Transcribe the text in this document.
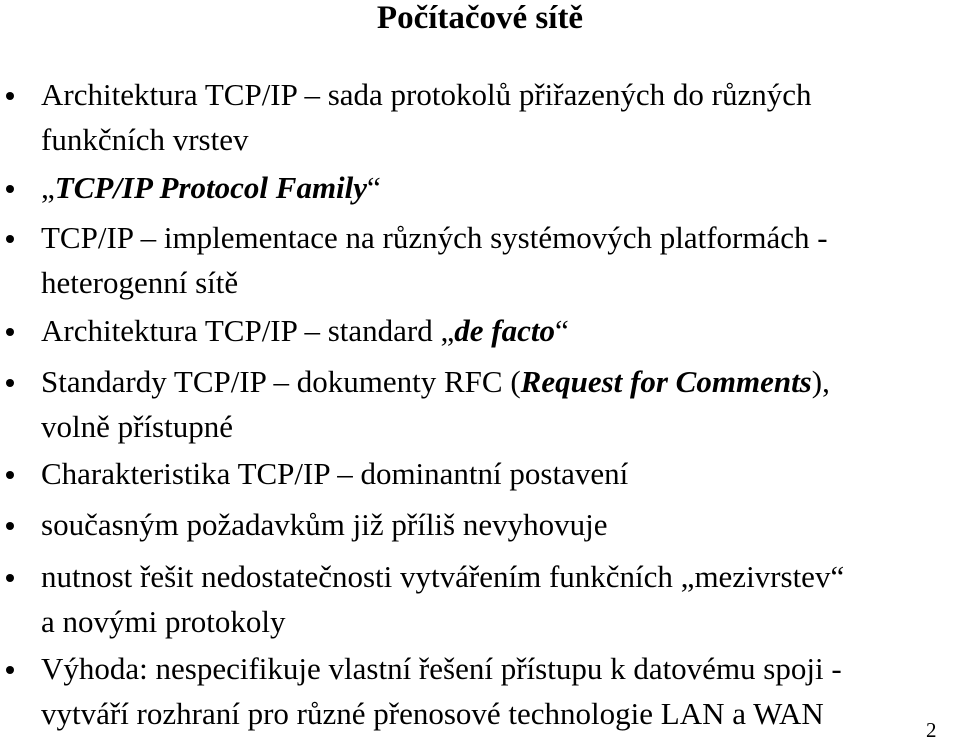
Počítačové sítě
Architektura TCP/IP – sada protokolů přiřazených do různých
funkčních vrstev
„TCP/IP Protocol Family“
TCP/IP – implementace na různých systémových platformách -
heterogenní sítě
Architektura TCP/IP – standard „de facto“
Standardy TCP/IP – dokumenty RFC (Request for Comments),
volně přístupné
Charakteristika TCP/IP – dominantní postavení
současným požadavkům již příliš nevyhovuje
nutnost řešit nedostatečnosti vytvářením funkčních „mezivrstev“
a novými protokoly
Výhoda: nespecifikuje vlastní řešení přístupu k datovému spoji -
vytváří rozhraní pro různé přenosové technologie LAN a WAN	2
